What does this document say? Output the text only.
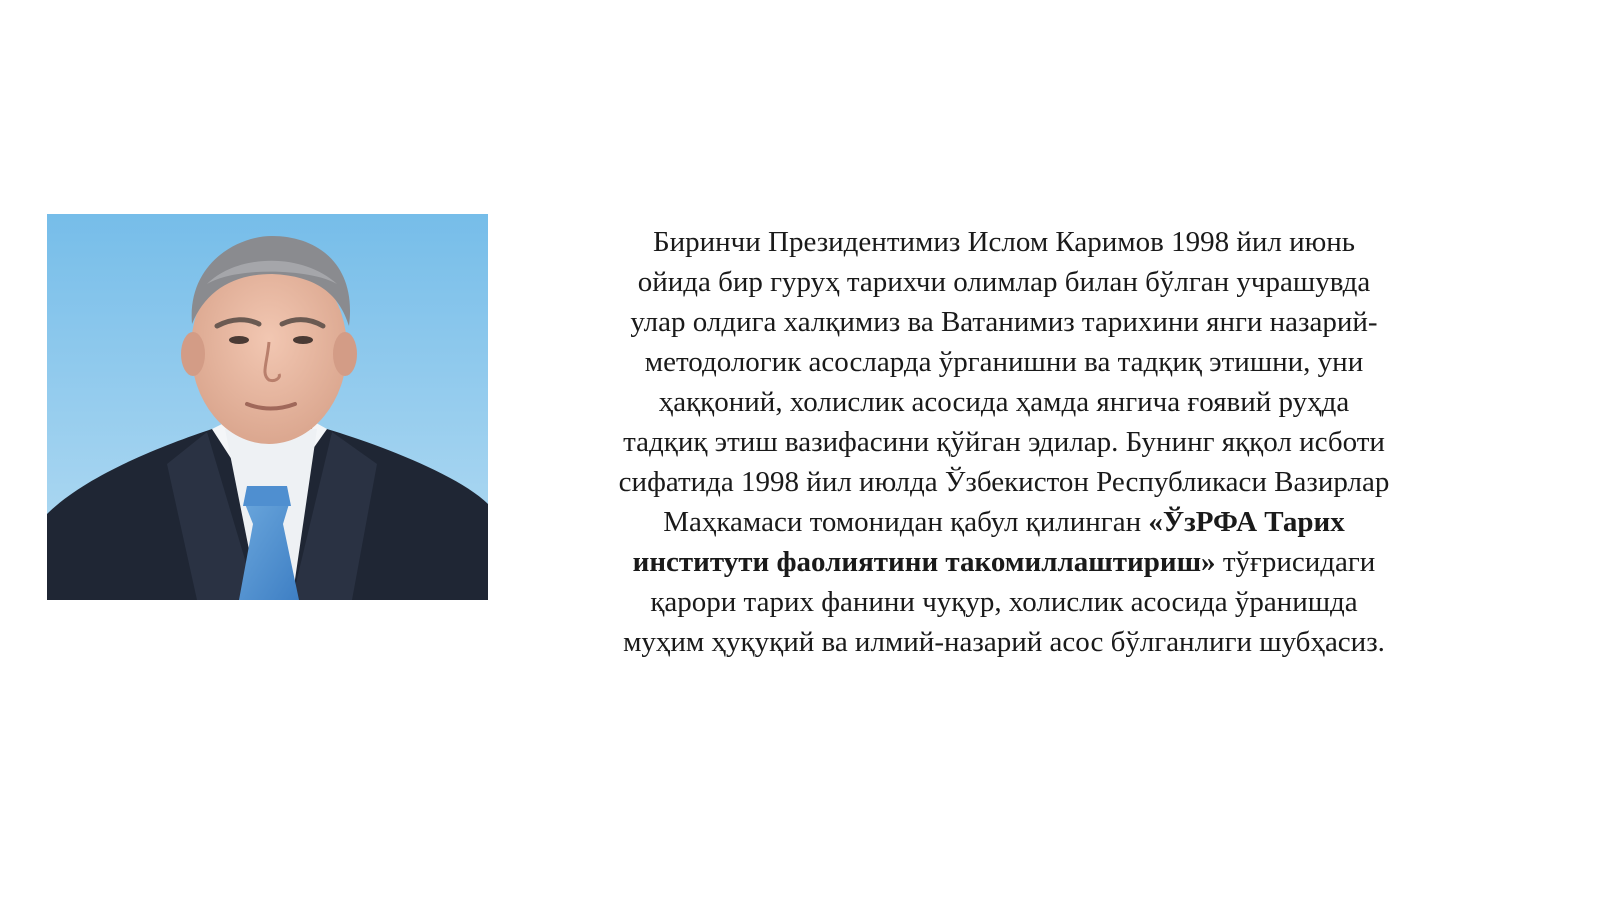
Биринчи Президентимиз Ислом Каримов 1998 йил июнь
ойида бир гуруҳ тарихчи олимлар билан бўлган учрашувда
улар олдига халқимиз ва Ватанимиз тарихини янги назарий-
методологик асосларда ўрганишни ва тадқиқ этишни, уни
ҳаққоний, холислик асосида ҳамда янгича ғоявий руҳда
тадқиқ этиш вазифасини қўйган эдилар. Бунинг яққол исботи
сифатида 1998 йил июлда Ўзбекистон Республикаси Вазирлар
Маҳкамаси томонидан қабул қилинган «ЎзРФА Тарих
институти фаолиятини такомиллаштириш» тўғрисидаги
қарори тарих фанини чуқур, холислик асосида ўранишда
муҳим ҳуқуқий ва илмий-назарий асос бўлганлиги шубҳасиз.
